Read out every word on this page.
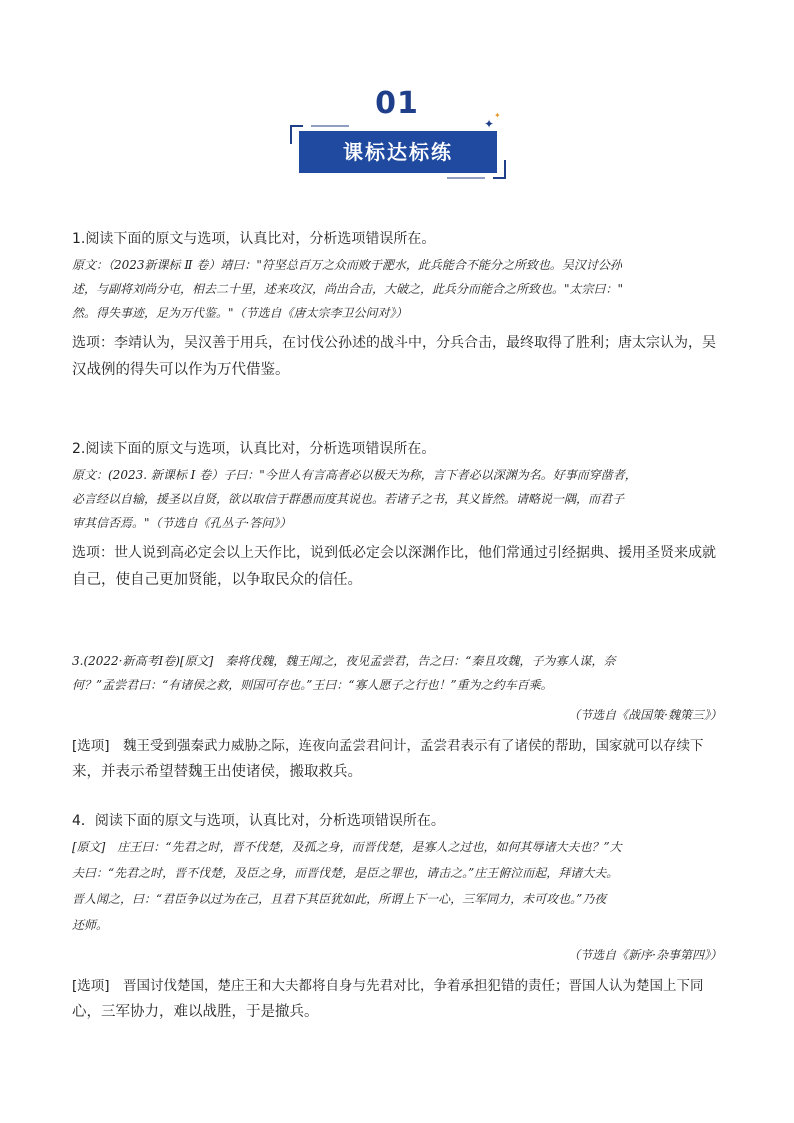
01
课标达标练
✦
✦
1.阅读下面的原文与选项，认真比对，分析选项错误所在。
原文：（2023新课标 Ⅱ 卷）靖曰："符坚总百万之众而败于淝水，此兵能合不能分之所致也。吴汉讨公孙
述，与副将刘尚分屯，相去二十里，述来攻汉，尚出合击，大破之，此兵分而能合之所致也。"太宗曰："
然。得失事迹，足为万代鉴。"（节选自《唐太宗李卫公问对》）
选项：李靖认为，吴汉善于用兵，在讨伐公孙述的战斗中，分兵合击，最终取得了胜利；唐太宗认为，吴
汉战例的得失可以作为万代借鉴。
2.阅读下面的原文与选项，认真比对，分析选项错误所在。
原文：(2023. 新课标 Ⅰ 卷）子曰："今世人有言高者必以极天为称，言下者必以深渊为名。好事而穿凿者，
必言经以自输，援圣以自贤，欲以取信于群愚而度其说也。若诸子之书，其义皆然。请略说一隅，而君子
审其信否焉。"（节选自《孔丛子·答问》）
选项：世人说到高必定会以上天作比，说到低必定会以深渊作比，他们常通过引经据典、援用圣贤来成就
自己，使自己更加贤能，以争取民众的信任。
3.(2022·新高考Ⅰ卷)[原文]　秦将伐魏，魏王闻之，夜见孟尝君，告之曰：“秦且攻魏，子为寡人谋，奈
何？”孟尝君曰：“有诸侯之救，则国可存也。”王曰：“寡人愿子之行也！”重为之约车百乘。
（节选自《战国策·魏策三》）
[选项]　魏王受到强秦武力威胁之际，连夜向孟尝君问计，孟尝君表示有了诸侯的帮助，国家就可以存续下
来，并表示希望替魏王出使诸侯，搬取救兵。
4．阅读下面的原文与选项，认真比对，分析选项错误所在。
[原文]　庄王曰：“先君之时，晋不伐楚，及孤之身，而晋伐楚，是寡人之过也，如何其辱诸大夫也？”大
夫曰：“先君之时，晋不伐楚，及臣之身，而晋伐楚，是臣之罪也，请击之。”庄王俯泣而起，拜诸大夫。
晋人闻之，曰：“君臣争以过为在己，且君下其臣犹如此，所谓上下一心，三军同力，未可攻也。”乃夜
还师。
（节选自《新序·杂事第四》）
[选项]　晋国讨伐楚国，楚庄王和大夫都将自身与先君对比，争着承担犯错的责任；晋国人认为楚国上下同
心，三军协力，难以战胜，于是撤兵。
